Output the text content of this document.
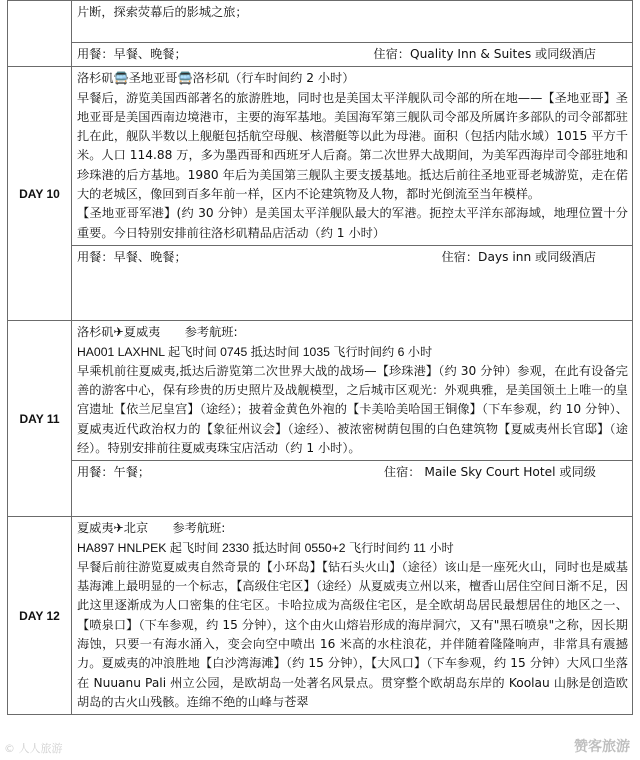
	片断，探索荧幕后的影城之旅；

用餐：早餐、晚餐； 住宿：Quality Inn & Suites 或同级酒店

DAY 10	洛杉矶🚍圣地亚哥🚍洛杉矶（行车时间约 2 小时）

早餐后，游览美国西部著名的旅游胜地，同时也是美国太平洋舰队司令部的所在地——【圣地亚哥】圣地亚哥是美国西南边境港市，主要的海军基地。美国海军第三舰队司令部及所属许多部队的司令部都驻扎在此，舰队半数以上舰艇包括航空母舰、核潜艇等以此为母港。面积（包括内陆水域）1015 平方千米。人口 114.88 万，多为墨西哥和西班牙人后裔。第二次世界大战期间，为美军西海岸司令部驻地和珍珠港的后方基地。1980 年后为美国第三舰队主要支援基地。抵达后前往圣地亚哥老城游览，走在偌大的老城区，像回到百多年前一样，区内不论建筑物及人物，都时光倒流至当年模样。

【圣地亚哥军港】(约 30 分钟）是美国太平洋舰队最大的军港。扼控太平洋东部海域，地理位置十分重要。今日特别安排前往洛杉矶精品店活动（约 1 小时）

用餐：早餐、晚餐； 住宿：Days inn 或同级酒店

DAY 11	洛杉矶✈夏威夷　　参考航班:

HA001 LAXHNL 起飞时间 0745 抵达时间 1035 飞行时间约 6 小时

早乘机前往夏威夷,抵达后游览第二次世界大战的战场—【珍珠港】（约 30 分钟）参观，在此有设备完善的游客中心，保有珍贵的历史照片及战舰模型，之后城市区观光：外观典雅，是美国领土上唯一的皇宫遗址【依兰尼皇宫】（途经）；披着金黄色外袍的【卡美哈美哈国王铜像】（下车参观，约 10 分钟）、夏威夷近代政治权力的【象征州议会】（途经）、被浓密树荫包围的白色建筑物【夏威夷州长官邸】（途经）。特别安排前往夏威夷珠宝店活动（约 1 小时）。

用餐：午餐； 住宿： Maile Sky Court Hotel 或同级

DAY 12	夏威夷✈北京　　参考航班:

HA897 HNLPEK 起飞时间 2330 抵达时间 0550+2 飞行时间约 11 小时

早餐后前往游览夏威夷自然奇景的【小环岛】【钻石头火山】（途径）该山是一座死火山，同时也是威基基海滩上最明显的一个标志，【高级住宅区】（途经）从夏威夷立州以来，檀香山居住空间日渐不足，因此这里逐渐成为人口密集的住宅区。卡哈拉成为高级住宅区，是全欧胡岛居民最想居住的地区之一、【喷泉口】（下车参观，约 15 分钟），这个由火山熔岩形成的海岸洞穴，又有"黑石喷泉"之称，因长期海蚀，只要一有海水涌入，变会向空中喷出 16 米高的水柱浪花，并伴随着隆隆响声，非常具有震撼力。夏威夷的冲浪胜地【白沙湾海滩】（约 15 分钟），【大风口】（下车参观，约 15 分钟）大风口坐落在 Nuuanu Pali 州立公园，是欧胡岛一处著名风景点。贯穿整个欧胡岛东岸的 Koolau 山脉是创造欧胡岛的古火山残骸。连绵不绝的山峰与苍翠

© 人人旅游	赞客旅游
